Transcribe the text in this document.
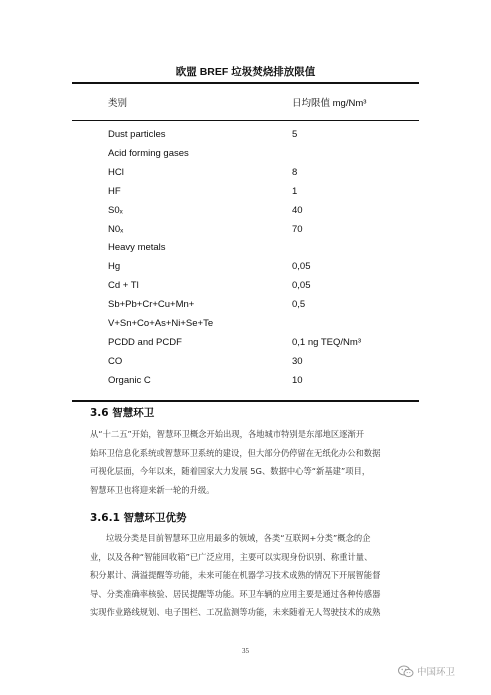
欧盟 BREF 垃圾焚烧排放限值
类别	日均限值 mg/Nm³
Dust particles	5
Acid forming gases
HCl	8
HF	1
S0ₓ	40
N0ₓ	70
Heavy metals
Hg	0,05
Cd + Tl	0,05
Sb+Pb+Cr+Cu+Mn+	0,5
V+Sn+Co+As+Ni+Se+Te
PCDD and PCDF	0,1 ng TEQ/Nm³
CO	30
Organic C	10
3.6 智慧环卫
从“十二五”开始，智慧环卫概念开始出现，各地城市特别是东部地区逐渐开
始环卫信息化系统或智慧环卫系统的建设，但大部分仍停留在无纸化办公和数据
可视化层面，今年以来，随着国家大力发展 5G、数据中心等“新基建”项目，
智慧环卫也将迎来新一轮的升级。
3.6.1 智慧环卫优势
垃圾分类是目前智慧环卫应用最多的领域，各类“互联网+分类”概念的企
业，以及各种“智能回收箱”已广泛应用，主要可以实现身份识别、称重计量、
积分累计、满溢提醒等功能，未来可能在机器学习技术成熟的情况下开展智能督
导、分类准确率核验、居民提醒等功能。环卫车辆的应用主要是通过各种传感器
实现作业路线规划、电子围栏、工况监测等功能，未来随着无人驾驶技术的成熟
35
中国环卫
